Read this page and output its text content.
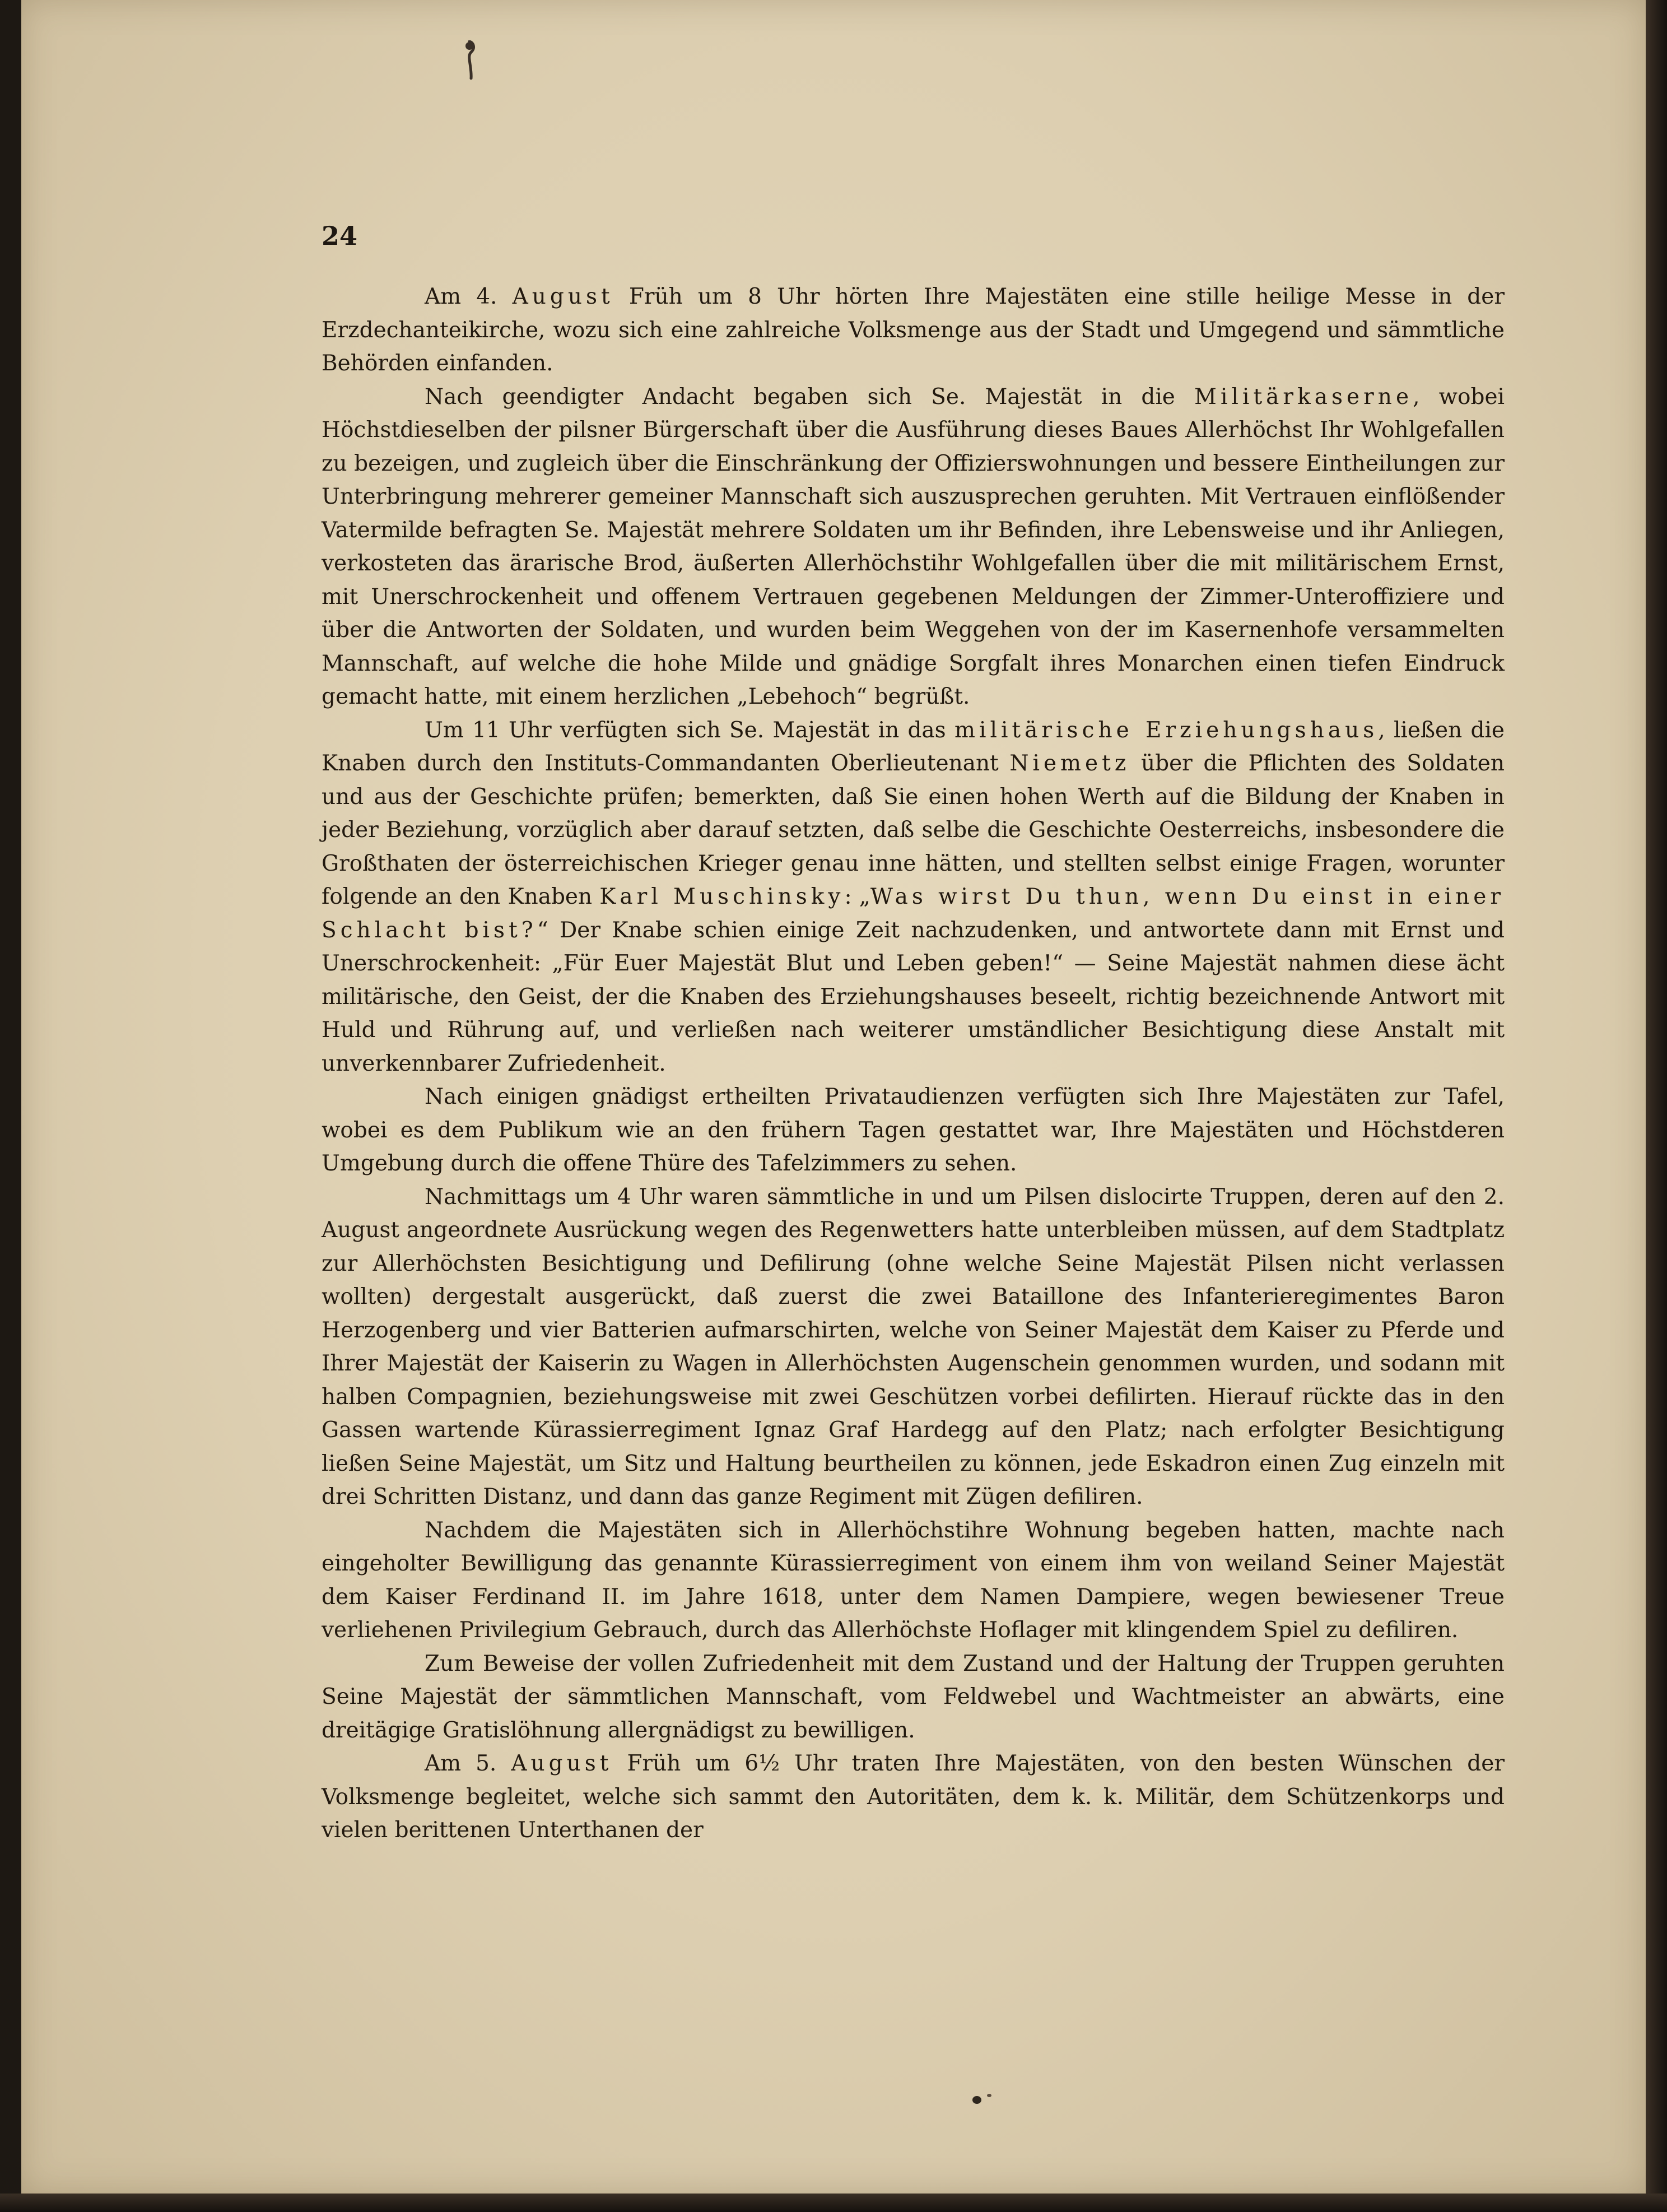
24

Am 4. August Früh um 8 Uhr hörten Ihre Majestäten eine stille heilige Messe in der Erzdechanteikirche, wozu sich eine zahlreiche Volksmenge aus der Stadt und Umgegend und sämmtliche Behörden einfanden.

Nach geendigter Andacht begaben sich Se. Majestät in die Militärkaserne, wobei Höchstdieselben der pilsner Bürgerschaft über die Ausführung dieses Baues Allerhöchst Ihr Wohlgefallen zu bezeigen, und zugleich über die Einschränkung der Offizierswohnungen und bessere Eintheilungen zur Unterbringung mehrerer gemeiner Mannschaft sich auszusprechen geruhten. Mit Vertrauen einflößender Vatermilde befragten Se. Majestät mehrere Soldaten um ihr Befinden, ihre Lebensweise und ihr Anliegen, verkosteten das ärarische Brod, äußerten Allerhöchstihr Wohlgefallen über die mit militärischem Ernst, mit Unerschrockenheit und offenem Vertrauen gegebenen Meldungen der Zimmer-Unteroffiziere und über die Antworten der Soldaten, und wurden beim Weggehen von der im Kasernenhofe versammelten Mannschaft, auf welche die hohe Milde und gnädige Sorgfalt ihres Monarchen einen tiefen Eindruck gemacht hatte, mit einem herzlichen „Lebehoch“ begrüßt.

Um 11 Uhr verfügten sich Se. Majestät in das militärische Erziehungshaus, ließen die Knaben durch den Instituts-Commandanten Oberlieutenant Niemetz über die Pflichten des Soldaten und aus der Geschichte prüfen; bemerkten, daß Sie einen hohen Werth auf die Bildung der Knaben in jeder Beziehung, vorzüglich aber darauf setzten, daß selbe die Geschichte Oesterreichs, insbesondere die Großthaten der österreichischen Krieger genau inne hätten, und stellten selbst einige Fragen, worunter folgende an den Knaben Karl Muschinsky: „Was wirst Du thun, wenn Du einst in einer Schlacht bist?“ Der Knabe schien einige Zeit nachzudenken, und antwortete dann mit Ernst und Unerschrockenheit: „Für Euer Majestät Blut und Leben geben!“ — Seine Majestät nahmen diese ächt militärische, den Geist, der die Knaben des Erziehungshauses beseelt, richtig bezeichnende Antwort mit Huld und Rührung auf, und verließen nach weiterer umständlicher Besichtigung diese Anstalt mit unverkennbarer Zufriedenheit.

Nach einigen gnädigst ertheilten Privataudienzen verfügten sich Ihre Majestäten zur Tafel, wobei es dem Publikum wie an den frühern Tagen gestattet war, Ihre Majestäten und Höchstderen Umgebung durch die offene Thüre des Tafelzimmers zu sehen.

Nachmittags um 4 Uhr waren sämmtliche in und um Pilsen dislocirte Truppen, deren auf den 2. August angeordnete Ausrückung wegen des Regenwetters hatte unterbleiben müssen, auf dem Stadtplatz zur Allerhöchsten Besichtigung und Defilirung (ohne welche Seine Majestät Pilsen nicht verlassen wollten) dergestalt ausgerückt, daß zuerst die zwei Bataillone des Infanterieregimentes Baron Herzogenberg und vier Batterien aufmarschirten, welche von Seiner Majestät dem Kaiser zu Pferde und Ihrer Majestät der Kaiserin zu Wagen in Allerhöchsten Augenschein genommen wurden, und sodann mit halben Compagnien, beziehungsweise mit zwei Geschützen vorbei defilirten. Hierauf rückte das in den Gassen wartende Kürassierregiment Ignaz Graf Hardegg auf den Platz; nach erfolgter Besichtigung ließen Seine Majestät, um Sitz und Haltung beurtheilen zu können, jede Eskadron einen Zug einzeln mit drei Schritten Distanz, und dann das ganze Regiment mit Zügen defiliren.

Nachdem die Majestäten sich in Allerhöchstihre Wohnung begeben hatten, machte nach eingeholter Bewilligung das genannte Kürassierregiment von einem ihm von weiland Seiner Majestät dem Kaiser Ferdinand II. im Jahre 1618, unter dem Namen Dampiere, wegen bewiesener Treue verliehenen Privilegium Gebrauch, durch das Allerhöchste Hoflager mit klingendem Spiel zu defiliren.

Zum Beweise der vollen Zufriedenheit mit dem Zustand und der Haltung der Truppen geruhten Seine Majestät der sämmtlichen Mannschaft, vom Feldwebel und Wachtmeister an abwärts, eine dreitägige Gratislöhnung allergnädigst zu bewilligen.

Am 5. August Früh um 6½ Uhr traten Ihre Majestäten, von den besten Wünschen der Volksmenge begleitet, welche sich sammt den Autoritäten, dem k. k. Militär, dem Schützenkorps und vielen berittenen Unterthanen der
